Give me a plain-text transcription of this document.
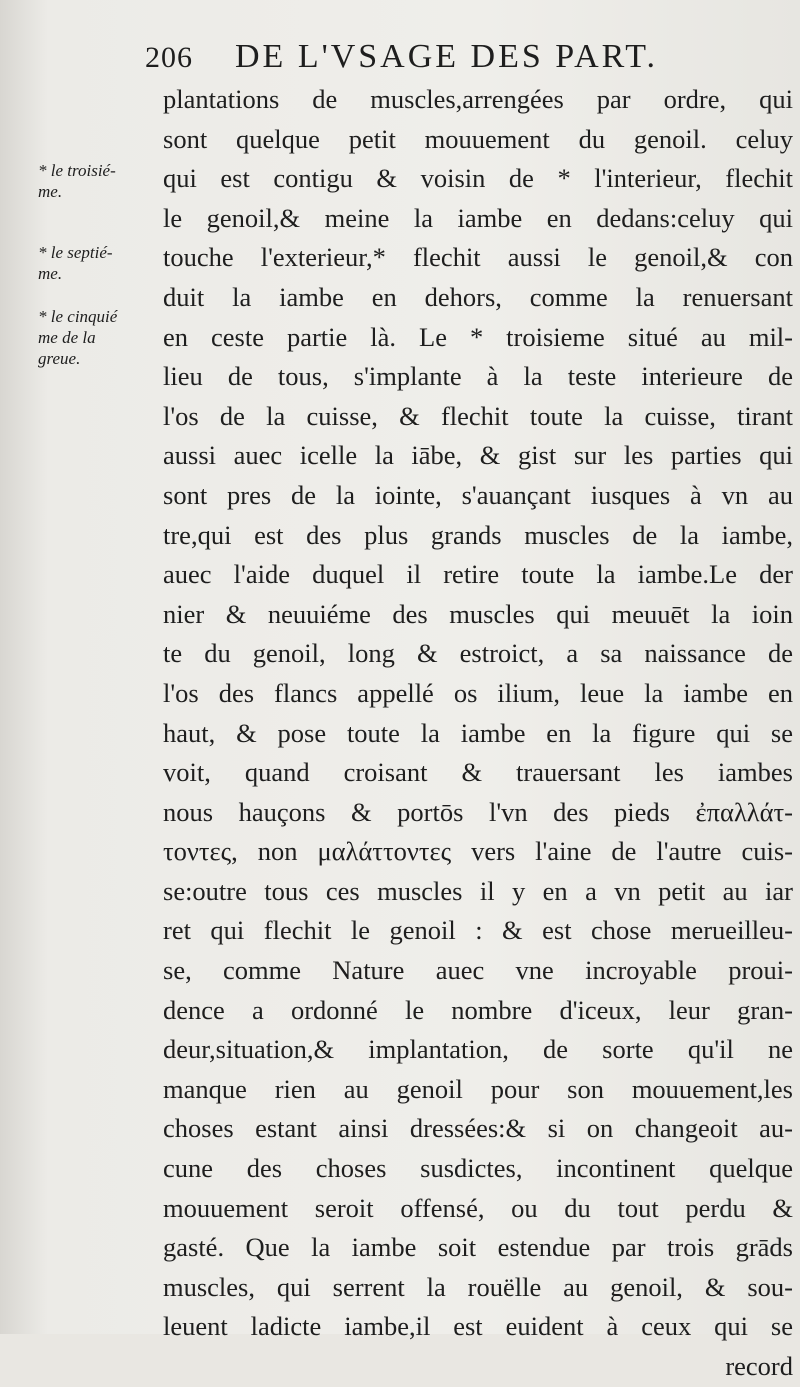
206 DE L'VSAGE DES PART.
* le troisié-
me.
* le septié-
me.
* le cinquié
me de la
greue.
plantations de muscles,arrengées par ordre, qui
sont quelque petit mouuement du genoil. celuy
qui est contigu & voisin de * l'interieur, flechit
le genoil,& meine la iambe en dedans:celuy qui
touche l'exterieur,* flechit aussi le genoil,& con
duit la iambe en dehors, comme la renuersant
en ceste partie là. Le * troisieme situé au mil-
lieu de tous, s'implante à la teste interieure de
l'os de la cuisse, & flechit toute la cuisse, tirant
aussi auec icelle la iābe, & gist sur les parties qui
sont pres de la iointe, s'auançant iusques à vn au
tre,qui est des plus grands muscles de la iambe,
auec l'aide duquel il retire toute la iambe.Le der
nier & neuuiéme des muscles qui meuuēt la ioin
te du genoil, long & estroict, a sa naissance de
l'os des flancs appellé os ilium, leue la iambe en
haut, & pose toute la iambe en la figure qui se
voit, quand croisant & trauersant les iambes
nous hauçons & portōs l'vn des pieds ἐπαλλάτ-
τοντες, non μαλάττοντες vers l'aine de l'autre cuis-
se:outre tous ces muscles il y en a vn petit au iar
ret qui flechit le genoil : & est chose merueilleu-
se, comme Nature auec vne incroyable proui-
dence a ordonné le nombre d'iceux, leur gran-
deur,situation,& implantation, de sorte qu'il ne
manque rien au genoil pour son mouuement,les
choses estant ainsi dressées:& si on changeoit au-
cune des choses susdictes, incontinent quelque
mouuement seroit offensé, ou du tout perdu &
gasté. Que la iambe soit estendue par trois grāds
muscles, qui serrent la rouëlle au genoil, & sou-
leuent ladicte iambe,il est euident à ceux qui se
record
